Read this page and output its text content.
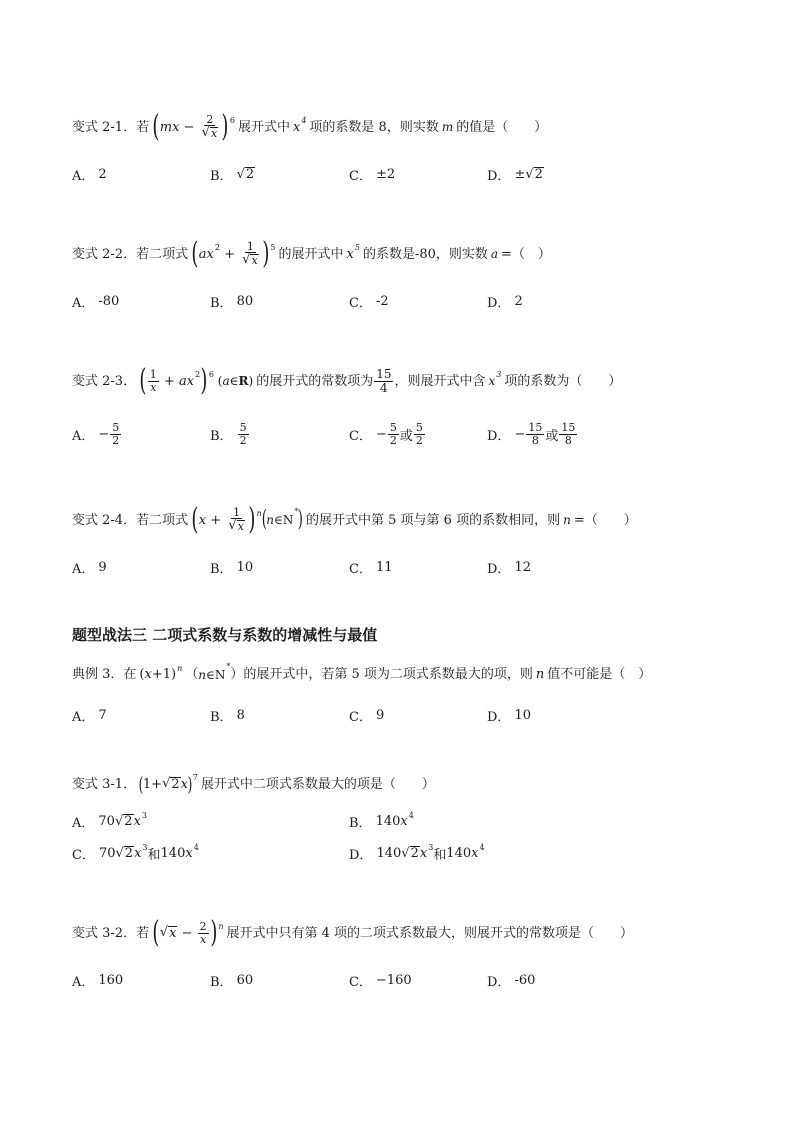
变式 2-1．若 ( mx − $\frac{2}{√ x}$ ) 6 展开式中 x 4 项的系数是 8，则实数 m 的值是（　　）
A． 2	B． √ 2	C． ±2	D． ± √ 2
变式 2-2．若二项式 ( ax $2 + \frac{1}{√ x}$ ) 5 的展开式中 x 5 的系数是-80，则实数 a =（　）
A． -80	B． 80	C． -2	D． 2
变式 2-3． ( $\frac{1}{x}$ + ax 2 ) 6 (a∈R) 的展开式的常数项为 $\frac{15}{4}$ ，则展开式中含 x 3 项的系数为（　　）
A． − $\frac{5}{2}$	B． $\frac{5}{2}$	C． − $\frac{5}{2}$ 或 $\frac{5}{2}$	D． − $\frac{15}{8}$ 或 $\frac{15}{8}$
变式 2-4．若二项式 ( $x + \frac{1}{√ x}$ ) n ( n∈N* ) 的展开式中第 5 项与第 6 项的系数相同，则 n =（　　）
A． 9	B． 10	C． 11	D． 12
题型战法三 二项式系数与系数的增减性与最值
典例 3．在 ( x +1) n （ n∈N*
）的展开式中，若第 5 项为二项式系数最大的项，则 n 值不可能是（　）
A． 7	B． 8	C． 9	D． 10
变式 3-1． ( 1+ √ 2 x ) 7 展开式中二项式系数最大的项是（　　）
A． 70 √ 2 x 3
B． 140x 4
C． 70 √ 2 x 3
和 140x 4
D． 140 √ 2 x 3
和 140x 4
变式 3-2．若 ( √ $x - \frac{2}{x}$ ) n 展开式中只有第 4 项的二项式系数最大，则展开式的常数项是（　　）
A． 160	B． 60	C． −160	D． -60
